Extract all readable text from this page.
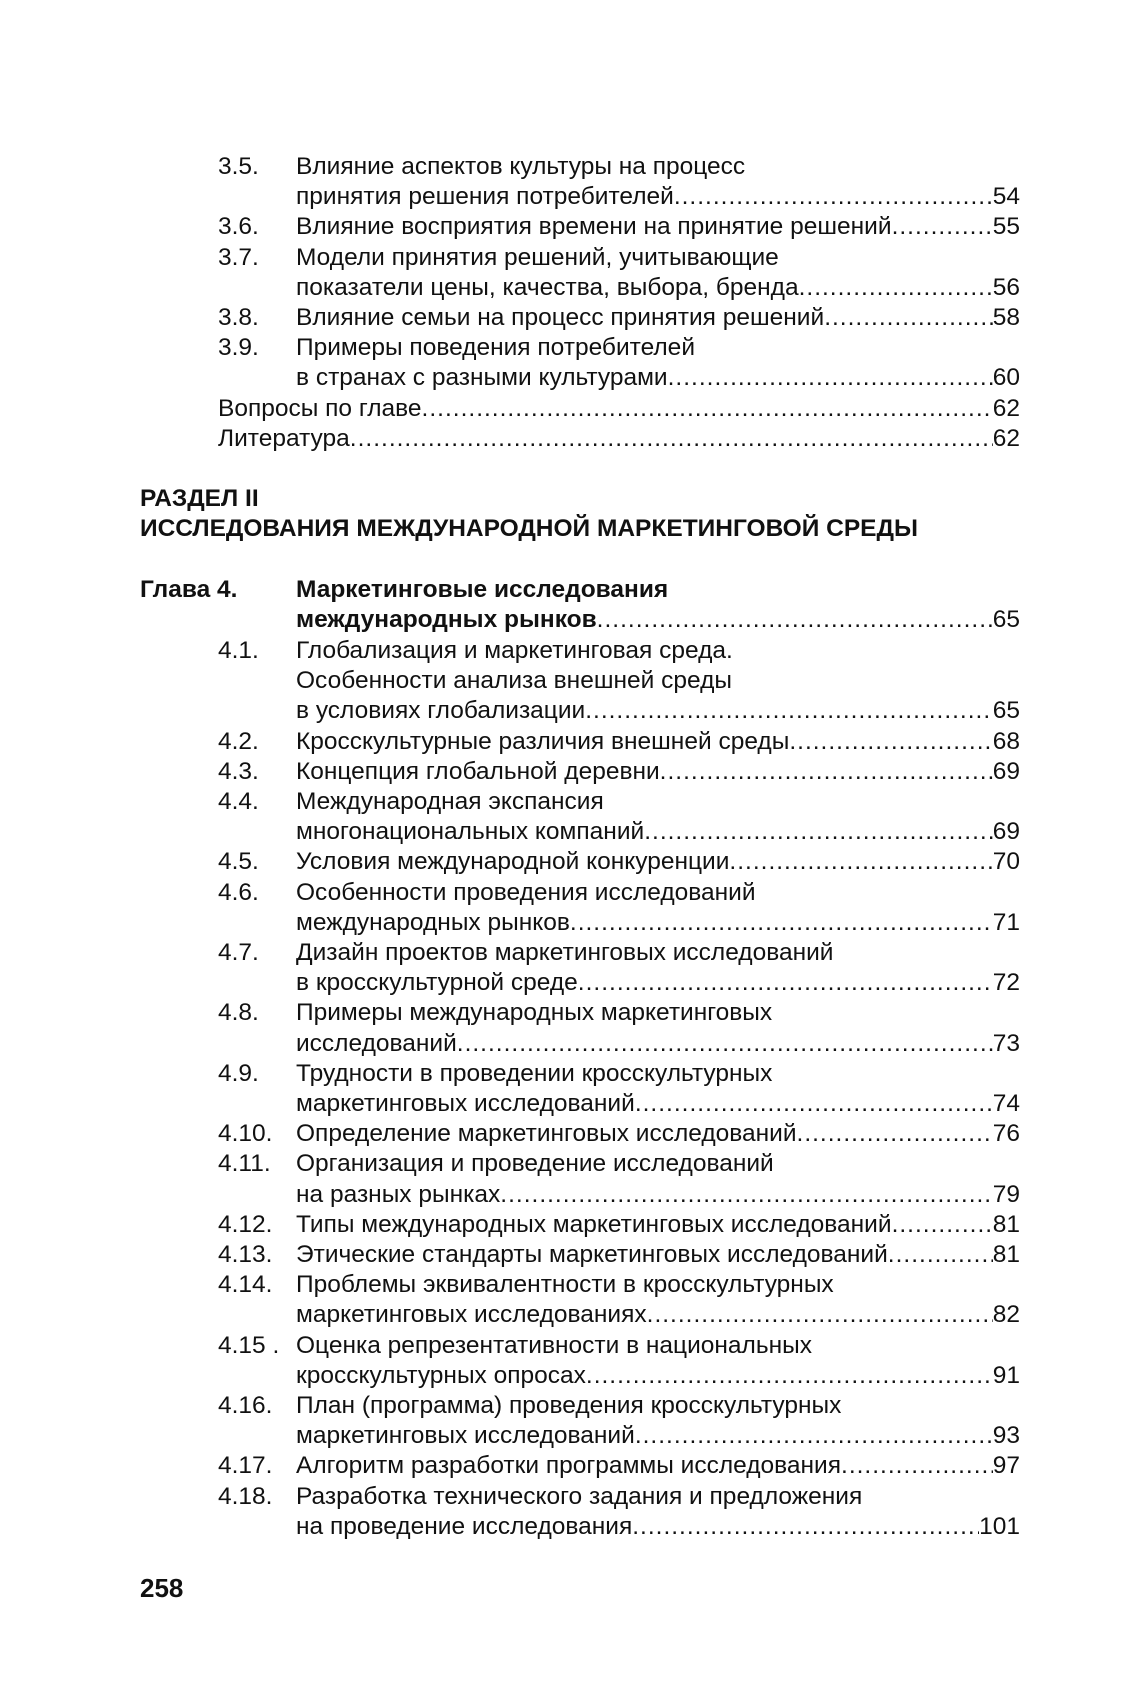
3.5.	Влияние аспектов культуры на процесс
принятия решения потребителей .....	54
3.6.	Влияние восприятия времени на принятие решений .....	55
3.7.	Модели принятия решений, учитывающие
показатели цены, качества, выбора, бренда .....	56
3.8.	Влияние семьи на процесс принятия решений .....	58
3.9.	Примеры поведения потребителей
в странах с разными культурами .....	60
Вопросы по главе .....	62
Литература .....	62
РАЗДЕЛ II
ИССЛЕДОВАНИЯ МЕЖДУНАРОДНОЙ МАРКЕТИНГОВОЙ СРЕДЫ
Глава 4. Маркетинговые исследования
международных рынков .....	65
4.1.	Глобализация и маркетинговая среда.
Особенности анализа внешней среды
в условиях глобализации .....	65
4.2.	Кросскультурные различия внешней среды .....	68
4.3.	Концепция глобальной деревни .....	69
4.4.	Международная экспансия
многонациональных компаний .....	69
4.5.	Условия международной конкуренции .....	70
4.6.	Особенности проведения исследований
международных рынков .....	71
4.7.	Дизайн проектов маркетинговых исследований
в кросскультурной среде .....	72
4.8.	Примеры международных маркетинговых
исследований .....	73
4.9.	Трудности в проведении кросскультурных
маркетинговых исследований .....	74
4.10. Определение маркетинговых исследований .....	76
4.11.	Организация и проведение исследований
на разных рынках .....	79
4.12. Типы международных маркетинговых исследований .....	81
4.13. Этические стандарты маркетинговых исследований .....	81
4.14. Проблемы эквивалентности в кросскультурных
маркетинговых исследованиях .....	82
4.15 . Оценка репрезентативности в национальных
кросскультурных опросах .....	91
4.16. План (программа) проведения кросскультурных
маркетинговых исследований .....	93
4.17. Алгоритм разработки программы исследования .....	97
4.18. Разработка технического задания и предложения
на проведение исследования .....	101
258
